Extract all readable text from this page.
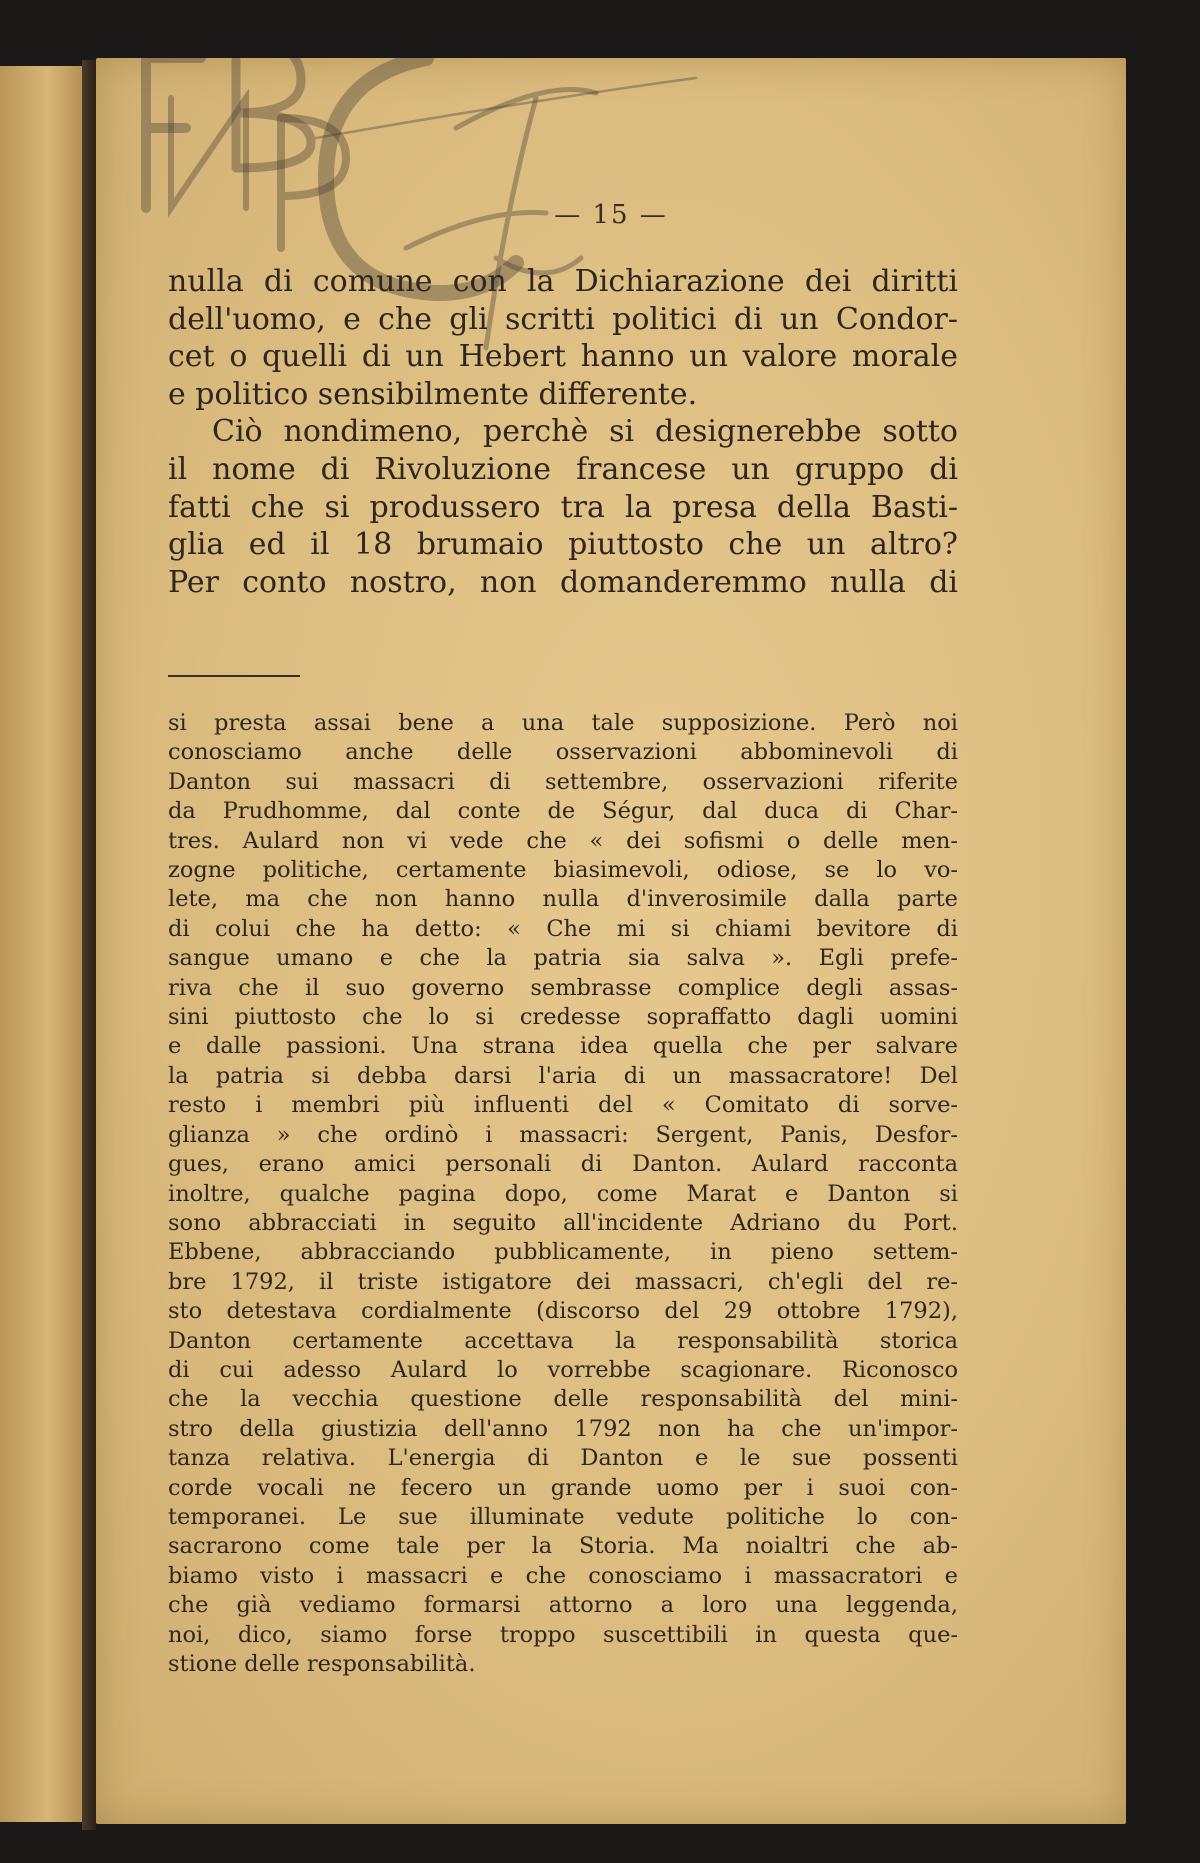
— 15 —
nulla di comune con la Dichiarazione dei diritti
dell'uomo, e che gli scritti politici di un Condor-
cet o quelli di un Hebert hanno un valore morale
e politico sensibilmente differente.
Ciò nondimeno, perchè si designerebbe sotto
il nome di Rivoluzione francese un gruppo di
fatti che si produssero tra la presa della Basti-
glia ed il 18 brumaio piuttosto che un altro?
Per conto nostro, non domanderemmo nulla di
si presta assai bene a una tale supposizione. Però noi
conosciamo anche delle osservazioni abbominevoli di
Danton sui massacri di settembre, osservazioni riferite
da Prudhomme, dal conte de Ségur, dal duca di Char-
tres. Aulard non vi vede che « dei sofismi o delle men-
zogne politiche, certamente biasimevoli, odiose, se lo vo-
lete, ma che non hanno nulla d'inverosimile dalla parte
di colui che ha detto: « Che mi si chiami bevitore di
sangue umano e che la patria sia salva ». Egli prefe-
riva che il suo governo sembrasse complice degli assas-
sini piuttosto che lo si credesse sopraffatto dagli uomini
e dalle passioni. Una strana idea quella che per salvare
la patria si debba darsi l'aria di un massacratore! Del
resto i membri più influenti del « Comitato di sorve-
glianza » che ordinò i massacri: Sergent, Panis, Desfor-
gues, erano amici personali di Danton. Aulard racconta
inoltre, qualche pagina dopo, come Marat e Danton si
sono abbracciati in seguito all'incidente Adriano du Port.
Ebbene, abbracciando pubblicamente, in pieno settem-
bre 1792, il triste istigatore dei massacri, ch'egli del re-
sto detestava cordialmente (discorso del 29 ottobre 1792),
Danton certamente accettava la responsabilità storica
di cui adesso Aulard lo vorrebbe scagionare. Riconosco
che la vecchia questione delle responsabilità del mini-
stro della giustizia dell'anno 1792 non ha che un'impor-
tanza relativa. L'energia di Danton e le sue possenti
corde vocali ne fecero un grande uomo per i suoi con-
temporanei. Le sue illuminate vedute politiche lo con-
sacrarono come tale per la Storia. Ma noialtri che ab-
biamo visto i massacri e che conosciamo i massacratori e
che già vediamo formarsi attorno a loro una leggenda,
noi, dico, siamo forse troppo suscettibili in questa que-
stione delle responsabilità.
